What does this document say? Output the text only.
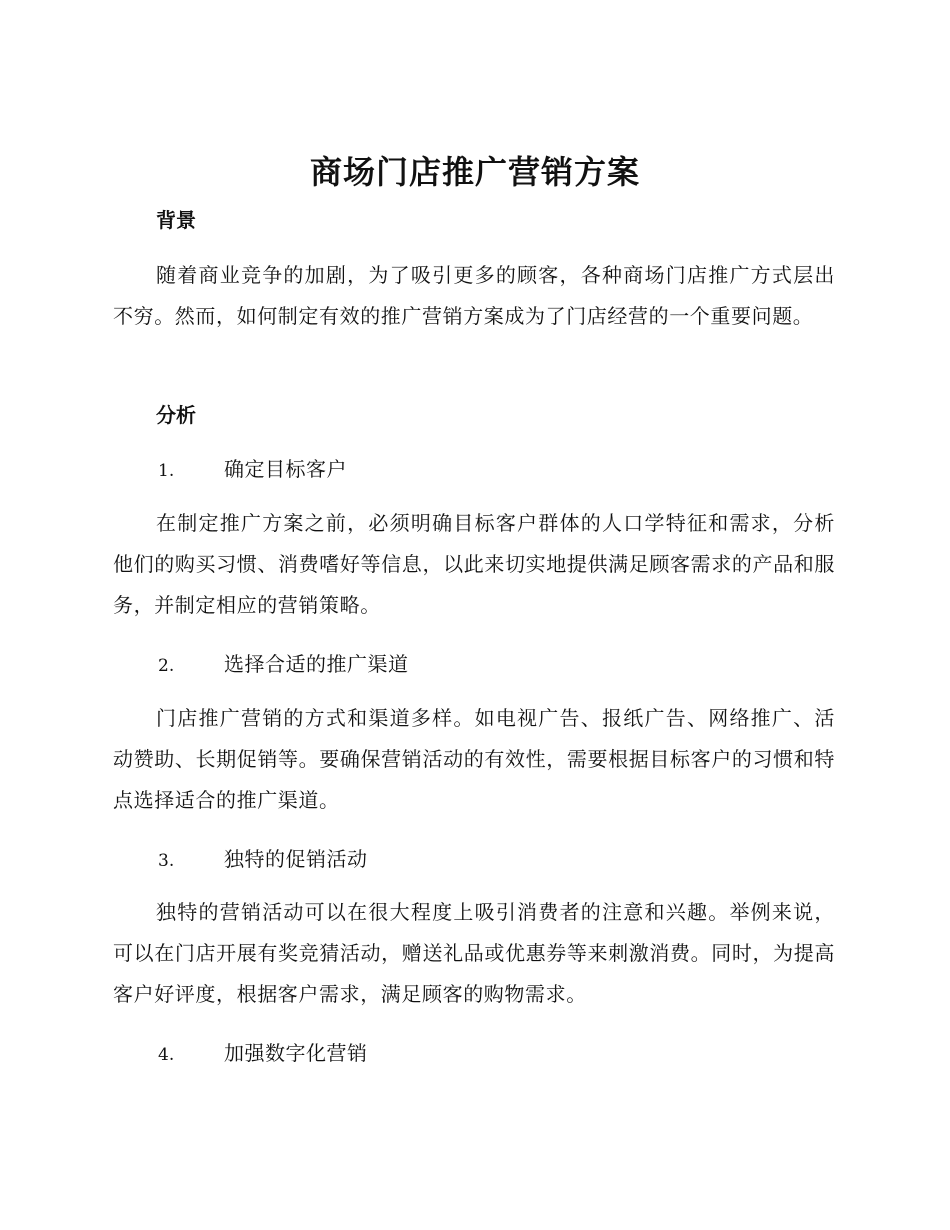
商场门店推广营销方案
背景

随着商业竞争的加剧，为了吸引更多的顾客，各种商场门店推广方式层出不穷。然而，如何制定有效的推广营销方案成为了门店经营的一个重要问题。

分析
1. 确定目标客户

在制定推广方案之前，必须明确目标客户群体的人口学特征和需求，分析他们的购买习惯、消费嗜好等信息，以此来切实地提供满足顾客需求的产品和服务，并制定相应的营销策略。

2. 选择合适的推广渠道

门店推广营销的方式和渠道多样。如电视广告、报纸广告、网络推广、活动赞助、长期促销等。要确保营销活动的有效性，需要根据目标客户的习惯和特点选择适合的推广渠道。

3. 独特的促销活动

独特的营销活动可以在很大程度上吸引消费者的注意和兴趣。举例来说，可以在门店开展有奖竞猜活动，赠送礼品或优惠券等来刺激消费。同时，为提高客户好评度，根据客户需求，满足顾客的购物需求。

4. 加强数字化营销
